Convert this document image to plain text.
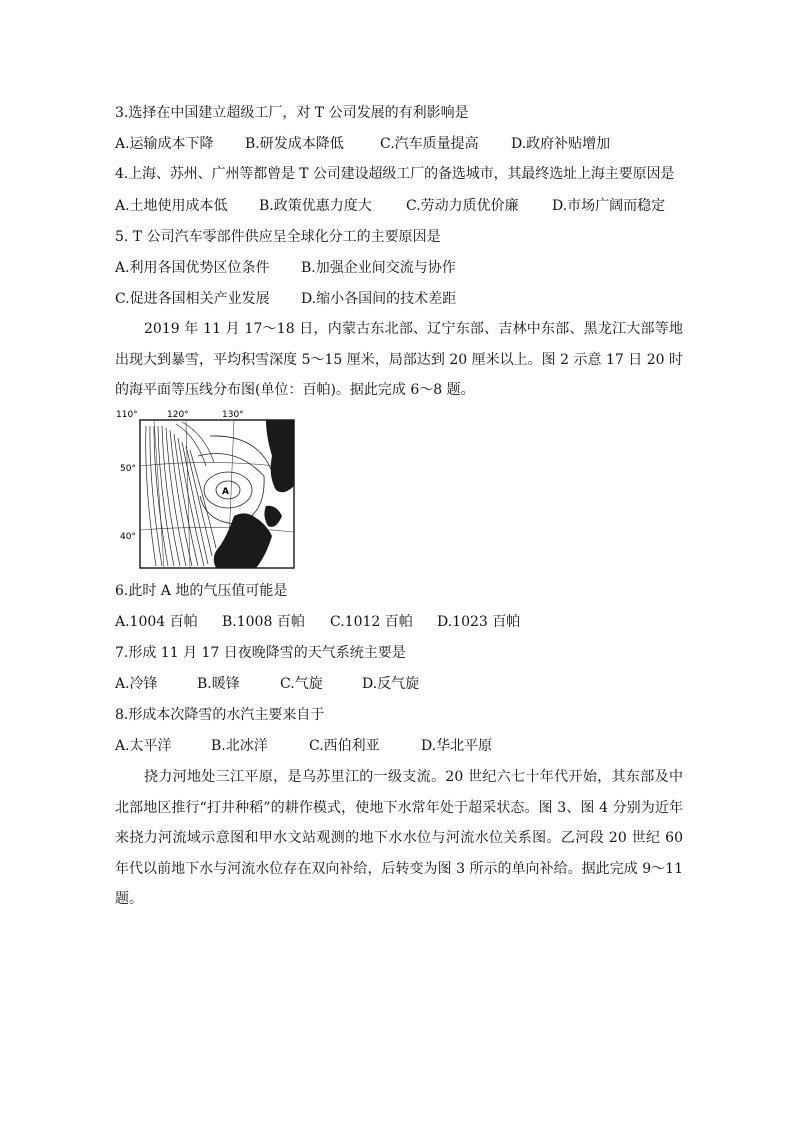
3.选择在中国建立超级工厂，对 T 公司发展的有利影响是
A.运输成本下降 B.研发成本降低	C.汽车质量提高 D.政府补贴增加
4.上海、苏州、广州等都曾是 T 公司建设超级工厂的备选城市，其最终选址上海主要原因是
A.土地使用成本低 B.政策优惠力度大 C.劳动力质优价廉 D.市场广阔而稳定
5. T 公司汽车零部件供应呈全球化分工的主要原因是
A.利用各国优势区位条件 B.加强企业间交流与协作
C.促进各国相关产业发展 D.缩小各国间的技术差距
2019 年 11 月 17～18 日，内蒙古东北部、辽宁东部、吉林中东部、黑龙江大部等地出现大到暴雪，平均积雪深度 5～15 厘米，局部达到 20 厘米以上。图 2 示意 17 日 20 时的海平面等压线分布图(单位：百帕)。据此完成 6～8 题。
110°	120°	130°
50°
40°
A
6.此时 A 地的气压值可能是
A.1004 百帕 B.1008 百帕 C.1012 百帕 D.1023 百帕
7.形成 11 月 17 日夜晚降雪的天气系统主要是
A.冷锋	B.暖锋	C.气旋	D.反气旋
8.形成本次降雪的水汽主要来自于
A.太平洋	B.北冰洋	C.西伯利亚	D.华北平原
挠力河地处三江平原，是乌苏里江的一级支流。20 世纪六七十年代开始，其东部及中北部地区推行“打井种稻”的耕作模式，使地下水常年处于超采状态。图 3、图 4 分别为近年来挠力河流域示意图和甲水文站观测的地下水水位与河流水位关系图。乙河段 20 世纪 60 年代以前地下水与河流水位存在双向补给，后转变为图 3 所示的单向补给。据此完成 9～11 题。
